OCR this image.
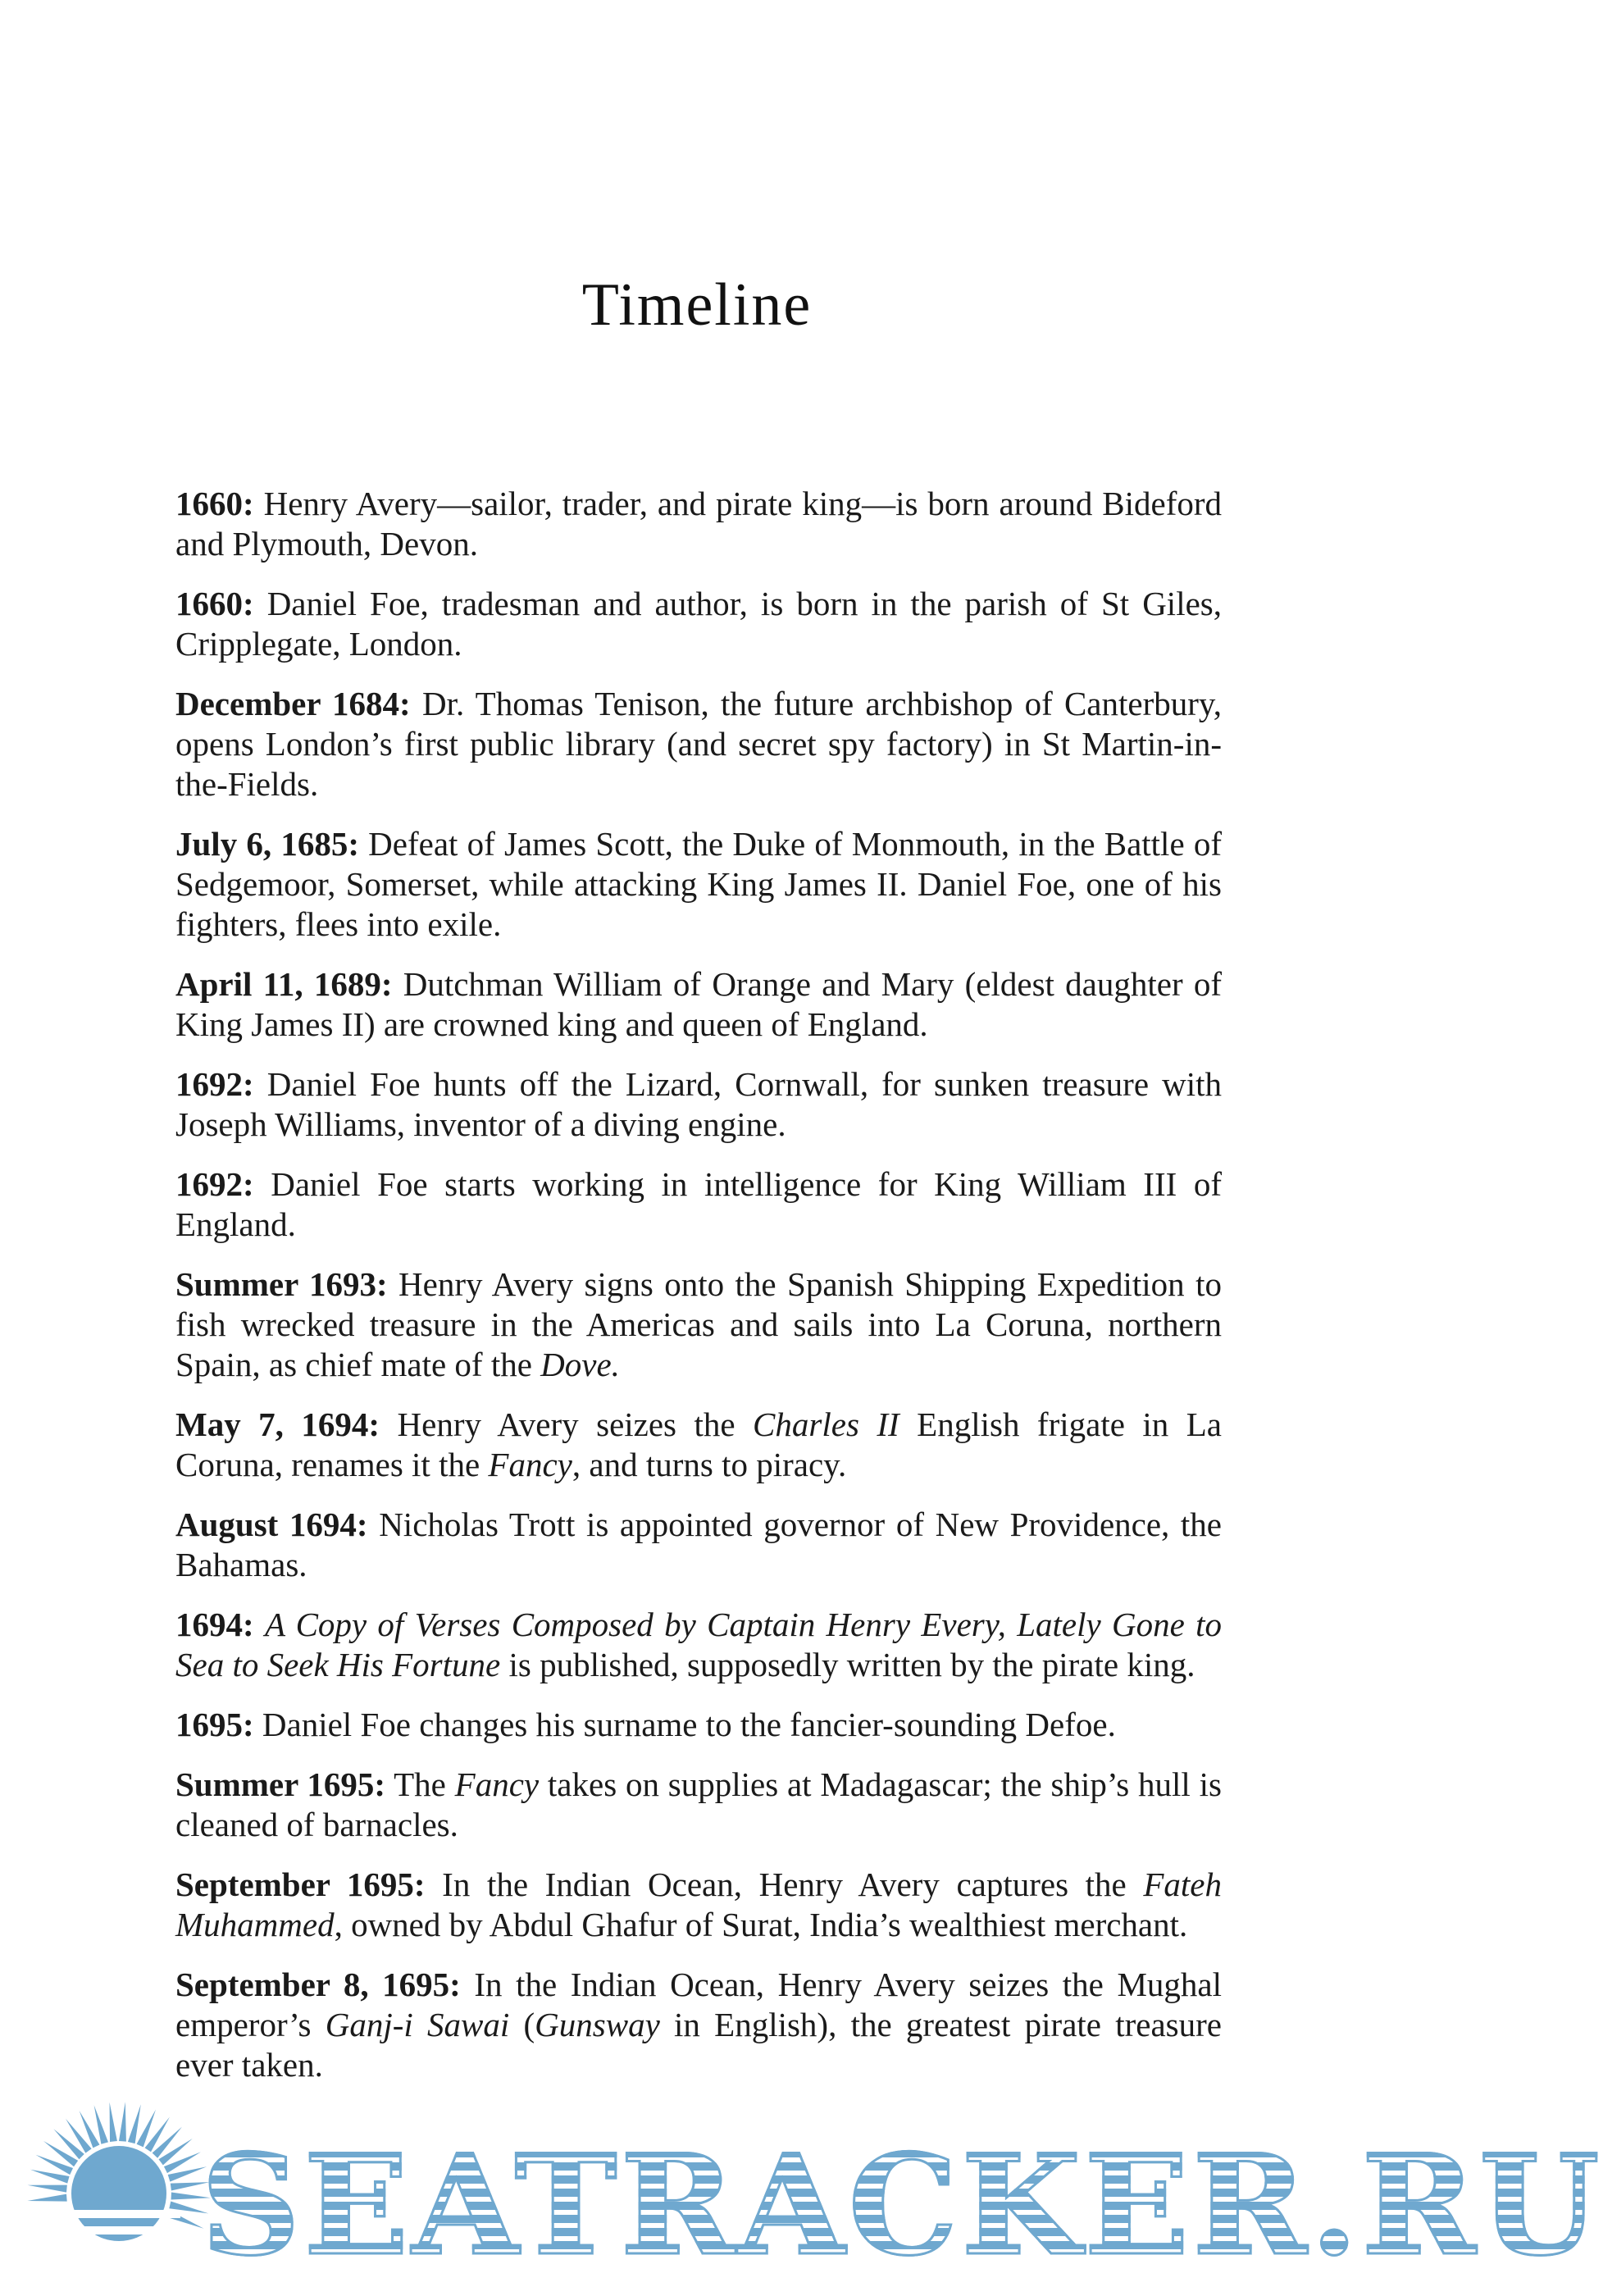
Timeline

1660: Henry Avery—sailor, trader, and pirate king—is born around Bideford and Plymouth, Devon.

1660: Daniel Foe, tradesman and author, is born in the parish of St Giles, Cripplegate, London.

December 1684: Dr. Thomas Tenison, the future archbishop of Canterbury, opens London’s first public library (and secret spy factory) in St Martin-in-the-Fields.

July 6, 1685: Defeat of James Scott, the Duke of Monmouth, in the Battle of Sedgemoor, Somerset, while attacking King James II. Daniel Foe, one of his fighters, flees into exile.

April 11, 1689: Dutchman William of Orange and Mary (eldest daughter of King James II) are crowned king and queen of England.

1692: Daniel Foe hunts off the Lizard, Cornwall, for sunken treasure with Joseph Williams, inventor of a diving engine.

1692: Daniel Foe starts working in intelligence for King William III of England.

Summer 1693: Henry Avery signs onto the Spanish Shipping Expedition to fish wrecked treasure in the Americas and sails into La Coruna, northern Spain, as chief mate of the Dove.

May 7, 1694: Henry Avery seizes the Charles II English frigate in La Coruna, renames it the Fancy, and turns to piracy.

August 1694: Nicholas Trott is appointed governor of New Providence, the Bahamas.

1694: A Copy of Verses Composed by Captain Henry Every, Lately Gone to Sea to Seek His Fortune is published, supposedly written by the pirate king.

1695: Daniel Foe changes his surname to the fancier-sounding Defoe.

Summer 1695: The Fancy takes on supplies at Madagascar; the ship’s hull is cleaned of barnacles.

September 1695: In the Indian Ocean, Henry Avery captures the Fateh Muhammed, owned by Abdul Ghafur of Surat, India’s wealthiest merchant.

September 8, 1695: In the Indian Ocean, Henry Avery seizes the Mughal emperor’s Ganj-i Sawai (Gunsway in English), the greatest pirate treasure ever taken.

SEATRACKER.RU
